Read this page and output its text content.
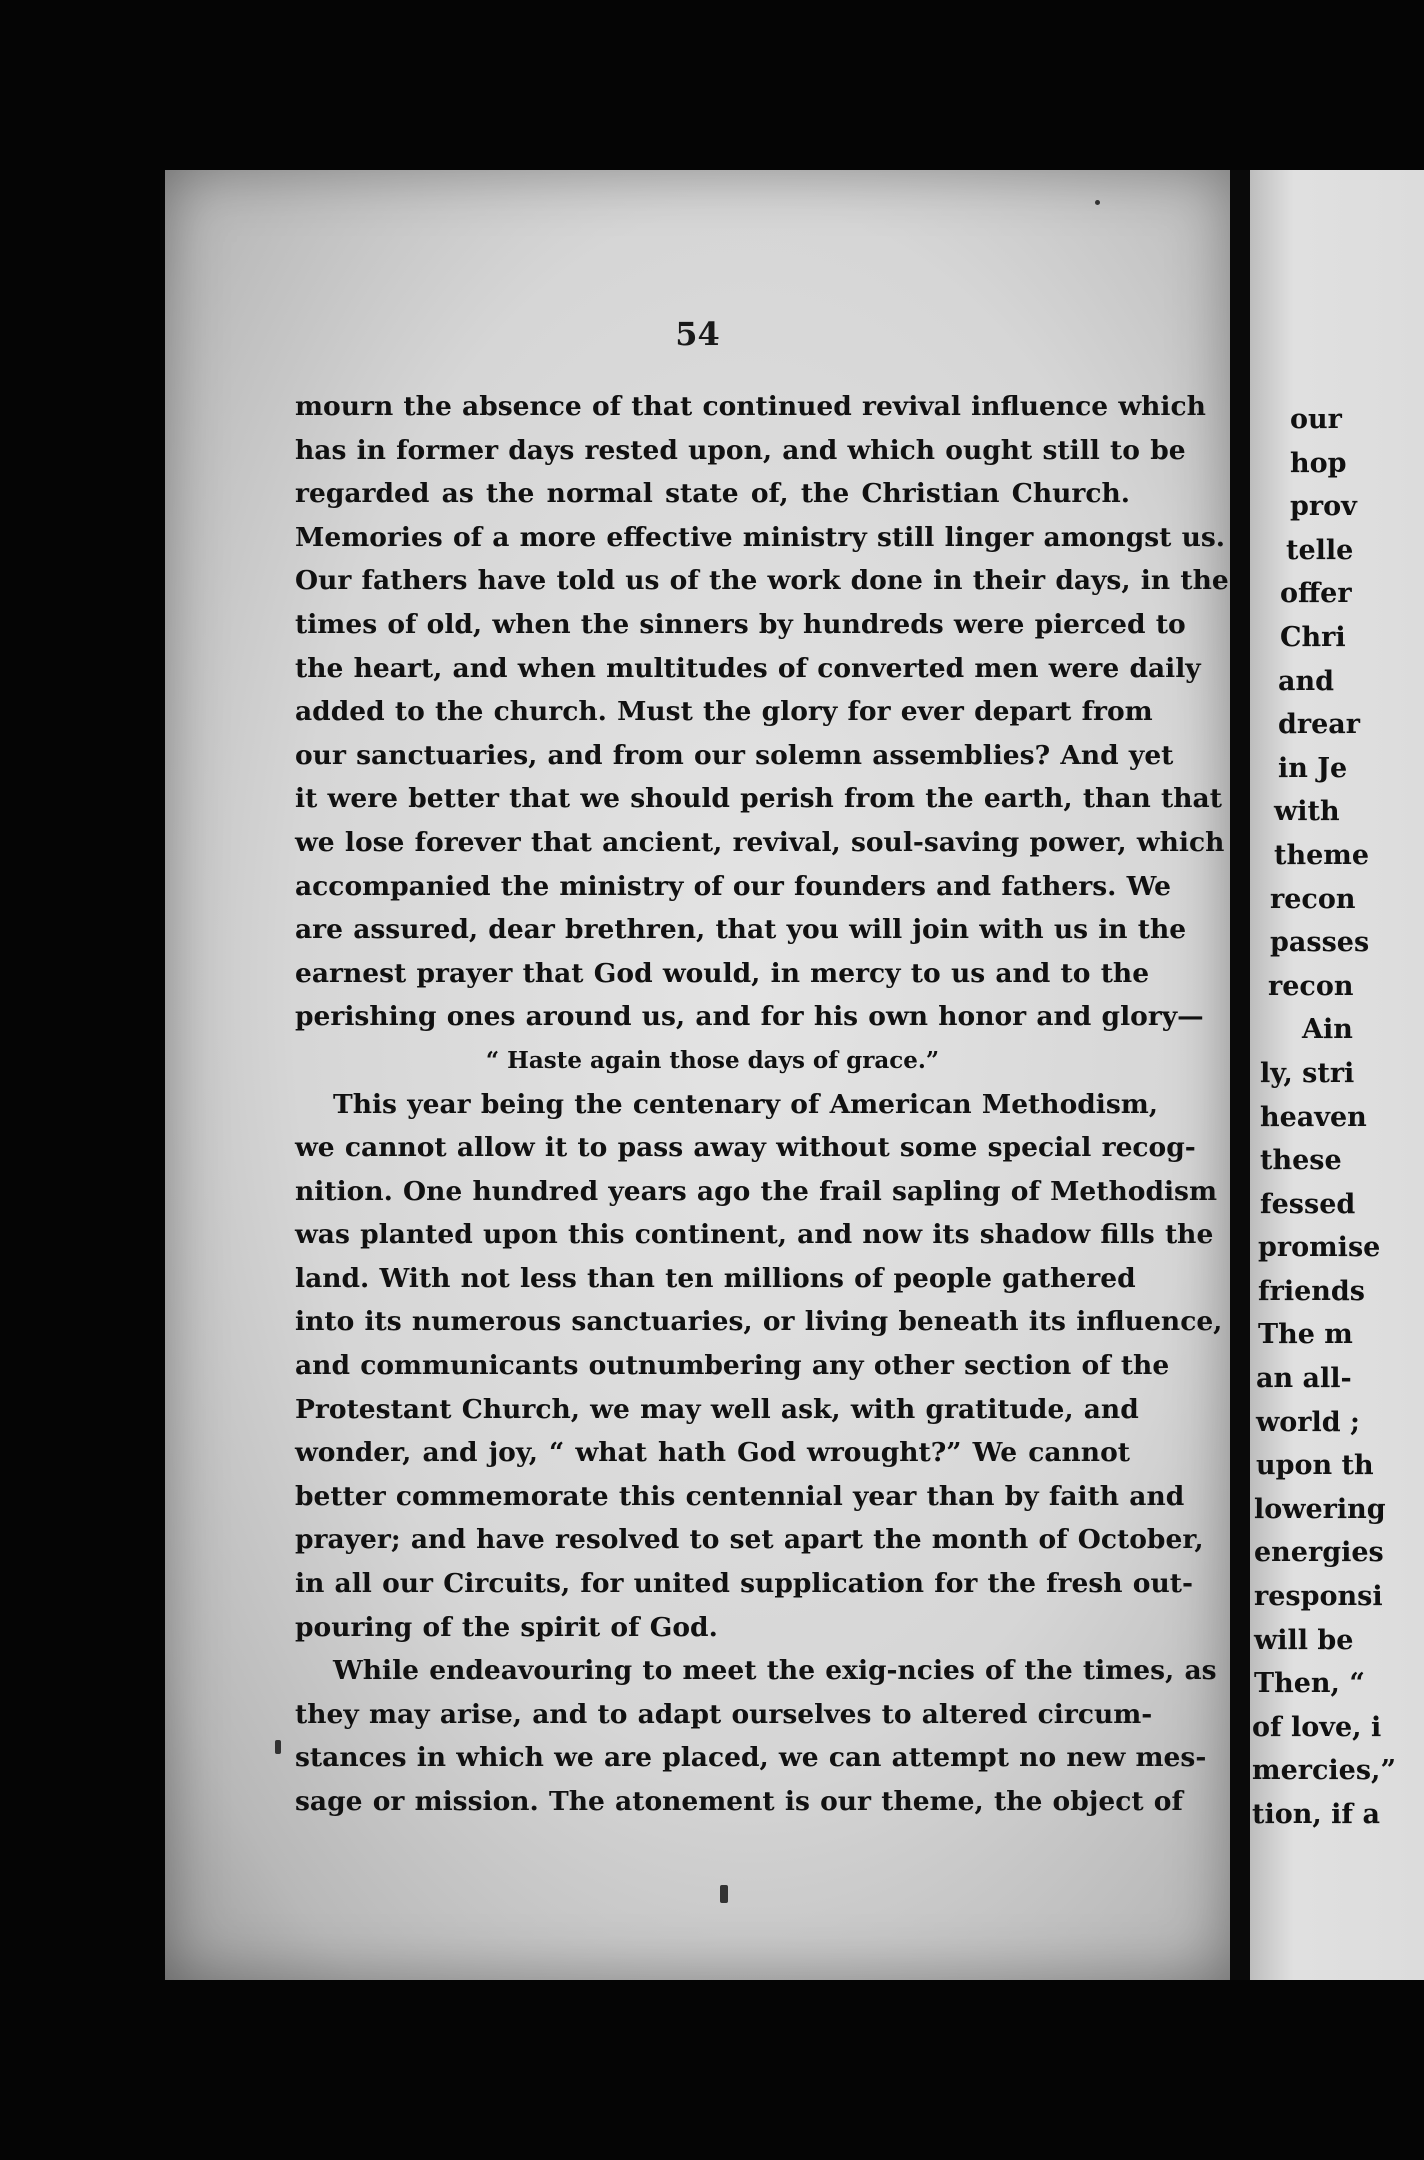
54
mourn the absence of that continued revival influence which
has in former days rested upon, and which ought still to be
regarded as the normal state of, the Christian Church.
Memories of a more effective ministry still linger amongst us.
Our fathers have told us of the work done in their days, in the
times of old, when the sinners by hundreds were pierced to
the heart, and when multitudes of converted men were daily
added to the church. Must the glory for ever depart from
our sanctuaries, and from our solemn assemblies? And yet
it were better that we should perish from the earth, than that
we lose forever that ancient, revival, soul-saving power, which
accompanied the ministry of our founders and fathers. We
are assured, dear brethren, that you will join with us in the
earnest prayer that God would, in mercy to us and to the
perishing ones around us, and for his own honor and glory—
“ Haste again those days of grace.”
This year being the centenary of American Methodism,
we cannot allow it to pass away without some special recog-
nition. One hundred years ago the frail sapling of Methodism
was planted upon this continent, and now its shadow fills the
land. With not less than ten millions of people gathered
into its numerous sanctuaries, or living beneath its influence,
and communicants outnumbering any other section of the
Protestant Church, we may well ask, with gratitude, and
wonder, and joy, “ what hath God wrought?” We cannot
better commemorate this centennial year than by faith and
prayer; and have resolved to set apart the month of October,
in all our Circuits, for united supplication for the fresh out-
pouring of the spirit of God.
While endeavouring to meet the exig-ncies of the times, as
they may arise, and to adapt ourselves to altered circum-
stances in which we are placed, we can attempt no new mes-
sage or mission. The atonement is our theme, the object of
our
hop
prov
telle
offer
Chri
and
drear
in Je
with
theme
recon
passes
recon
Ain
ly, stri
heaven
these
fessed
promise
friends
The m
an all-
world ;
upon th
lowering
energies
responsi
will be
Then, “
of love, i
mercies,”
tion, if a
